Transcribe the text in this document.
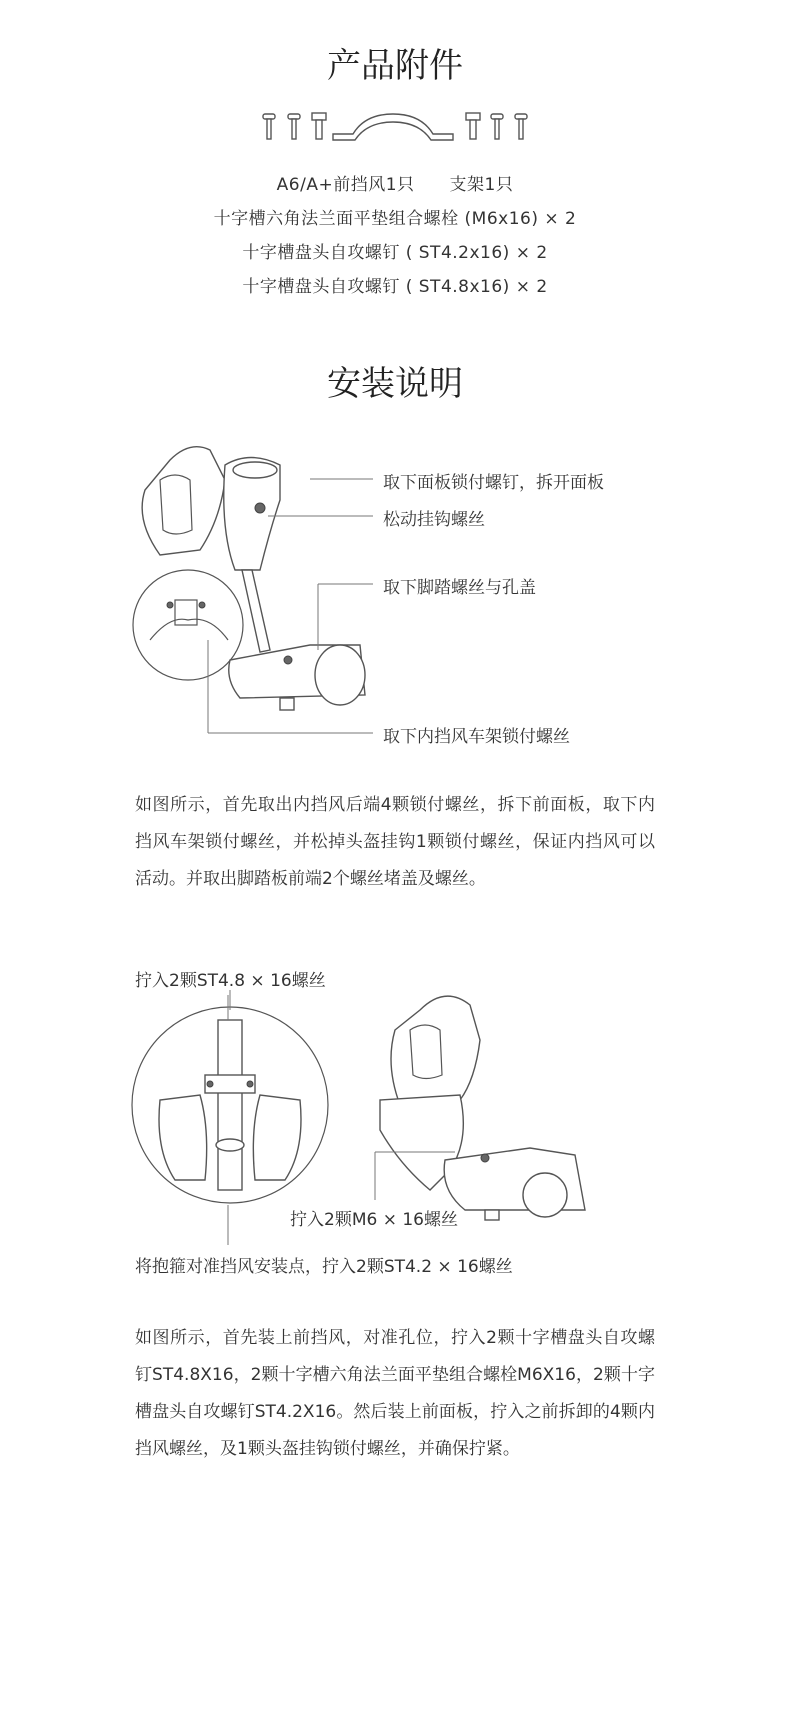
产品附件
A6/A+前挡风1只　　支架1只
十字槽六角法兰面平垫组合螺栓 (M6x16) × 2
十字槽盘头自攻螺钉 ( ST4.2x16) × 2
十字槽盘头自攻螺钉 ( ST4.8x16) × 2
安装说明
取下面板锁付螺钉，拆开面板
松动挂钩螺丝
取下脚踏螺丝与孔盖
取下内挡风车架锁付螺丝
如图所示，首先取出内挡风后端4颗锁付螺丝，拆下前面板，取下内挡风车架锁付螺丝，并松掉头盔挂钩1颗锁付螺丝，保证内挡风可以活动。并取出脚踏板前端2个螺丝堵盖及螺丝。
拧入2颗ST4.8 × 16螺丝
拧入2颗M6 × 16螺丝
将抱箍对准挡风安装点，拧入2颗ST4.2 × 16螺丝
如图所示，首先装上前挡风，对准孔位，拧入2颗十字槽盘头自攻螺钉ST4.8X16，2颗十字槽六角法兰面平垫组合螺栓M6X16，2颗十字槽盘头自攻螺钉ST4.2X16。然后装上前面板，拧入之前拆卸的4颗内挡风螺丝，及1颗头盔挂钩锁付螺丝，并确保拧紧。
